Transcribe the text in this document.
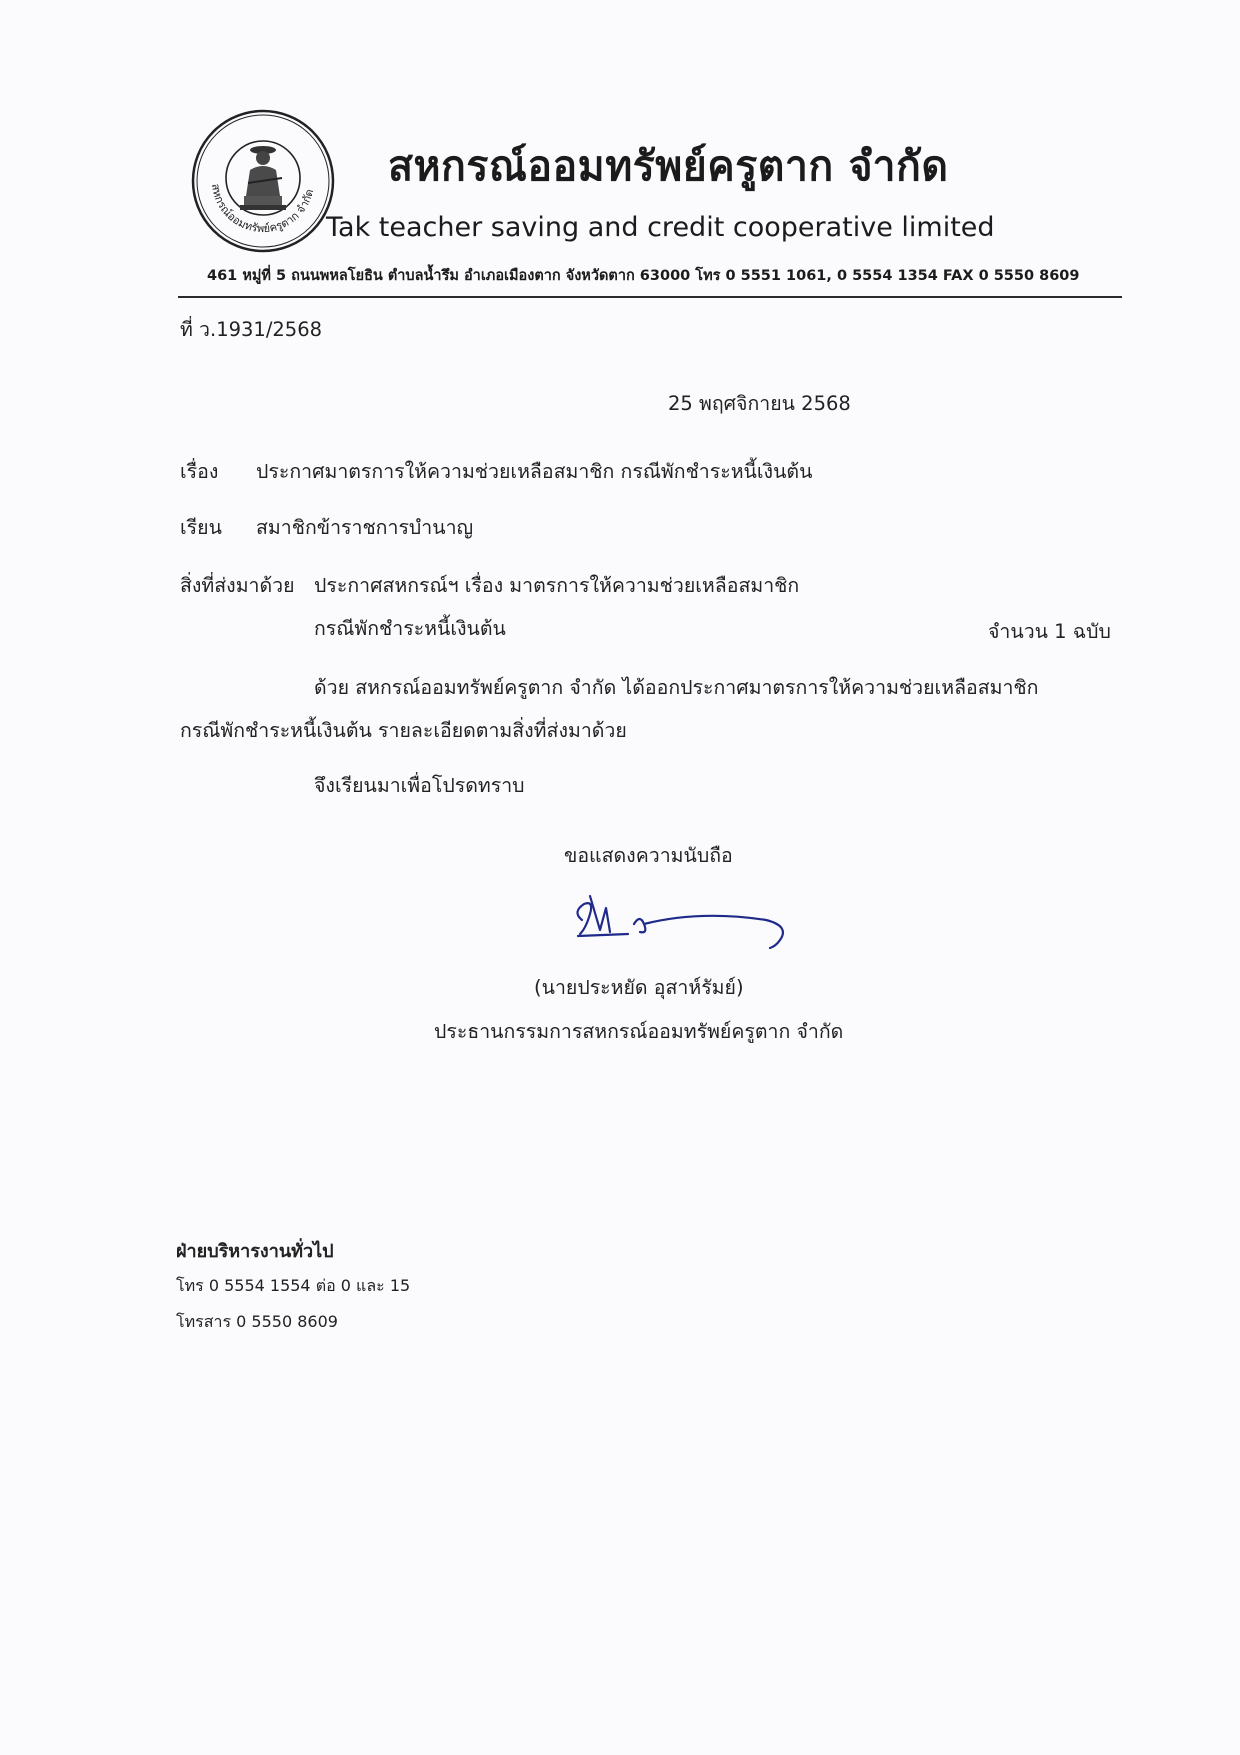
สหกรณ์ออมทรัพย์ครูตาก จำกัด
สหกรณ์ออมทรัพย์ครูตาก จำกัด
Tak teacher saving and credit cooperative limited
461 หมู่ที่ 5 ถนนพหลโยธิน ตำบลน้ำรึม อำเภอเมืองตาก จังหวัดตาก 63000 โทร 0 5551 1061, 0 5554 1354 FAX 0 5550 8609
ที่ ว.1931/2568
25 พฤศจิกายน 2568
เรื่อง ประกาศมาตรการให้ความช่วยเหลือสมาชิก กรณีพักชำระหนี้เงินต้น
เรียน สมาชิกข้าราชการบำนาญ
สิ่งที่ส่งมาด้วย ประกาศสหกรณ์ฯ เรื่อง มาตรการให้ความช่วยเหลือสมาชิก
กรณีพักชำระหนี้เงินต้น	จำนวน 1 ฉบับ
ด้วย สหกรณ์ออมทรัพย์ครูตาก จำกัด ได้ออกประกาศมาตรการให้ความช่วยเหลือสมาชิก
กรณีพักชำระหนี้เงินต้น รายละเอียดตามสิ่งที่ส่งมาด้วย
จึงเรียนมาเพื่อโปรดทราบ
ขอแสดงความนับถือ
(นายประหยัด อุสาห์รัมย์)
ประธานกรรมการสหกรณ์ออมทรัพย์ครูตาก จำกัด
ฝ่ายบริหารงานทั่วไป
โทร 0 5554 1554 ต่อ 0 และ 15
โทรสาร 0 5550 8609
